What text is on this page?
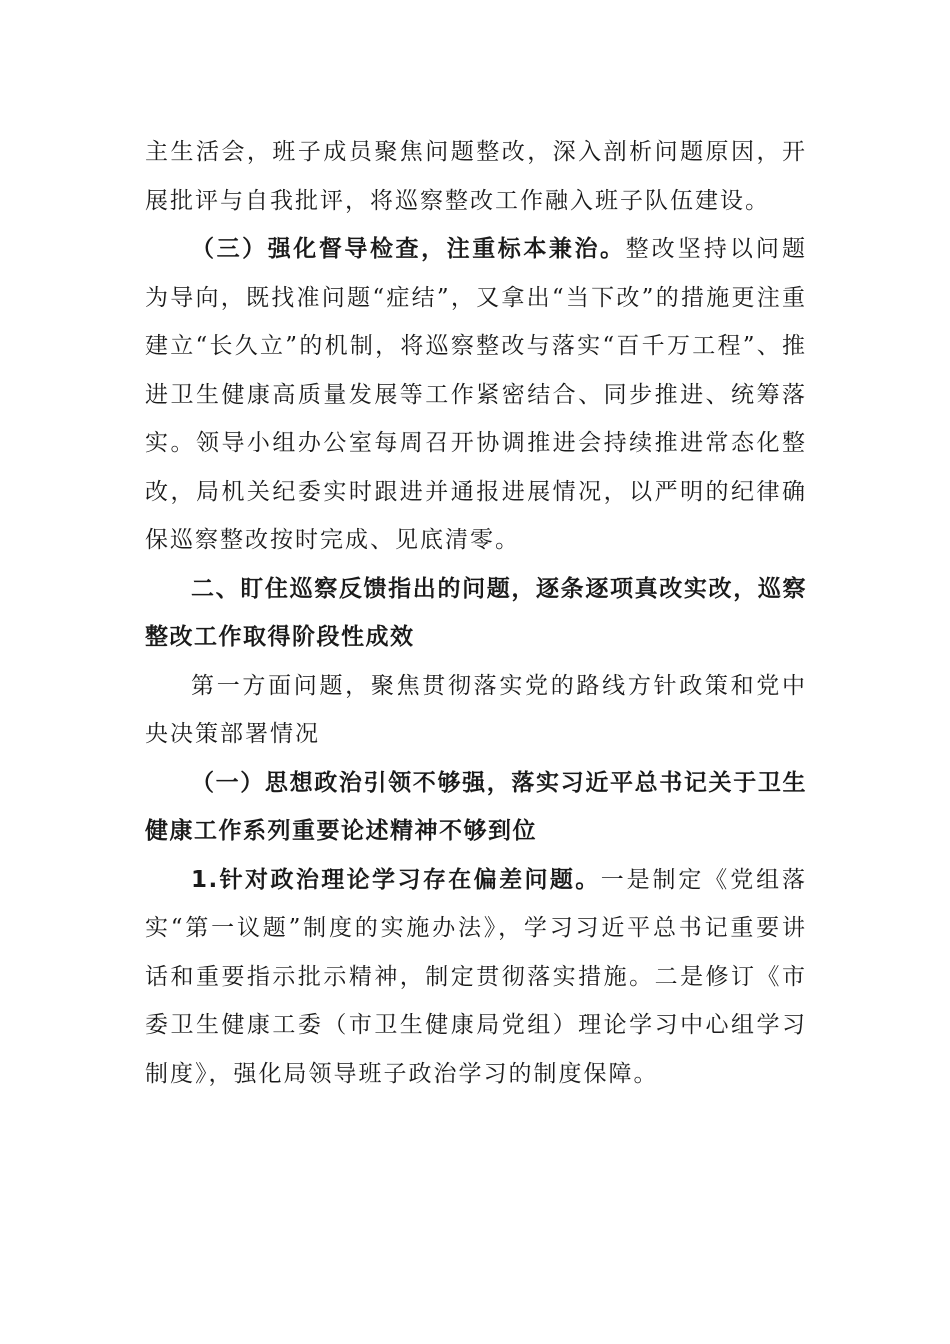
主生活会，班子成员聚焦问题整改，深入剖析问题原因，开展批评与自我批评，将巡察整改工作融入班子队伍建设。

（三）强化督导检查，注重标本兼治。整改坚持以问题为导向，既找准问题“症结”，又拿出“当下改”的措施更注重建立“长久立”的机制，将巡察整改与落实“百千万工程”、推进卫生健康高质量发展等工作紧密结合、同步推进、统筹落实。领导小组办公室每周召开协调推进会持续推进常态化整改，局机关纪委实时跟进并通报进展情况，以严明的纪律确保巡察整改按时完成、见底清零。

二、盯住巡察反馈指出的问题，逐条逐项真改实改，巡察整改工作取得阶段性成效

第一方面问题，聚焦贯彻落实党的路线方针政策和党中央决策部署情况

（一）思想政治引领不够强，落实习近平总书记关于卫生健康工作系列重要论述精神不够到位

1.针对政治理论学习存在偏差问题。一是制定《党组落实“第一议题”制度的实施办法》，学习习近平总书记重要讲话和重要指示批示精神，制定贯彻落实措施。二是修订《市委卫生健康工委（市卫生健康局党组）理论学习中心组学习制度》，强化局领导班子政治学习的制度保障。
